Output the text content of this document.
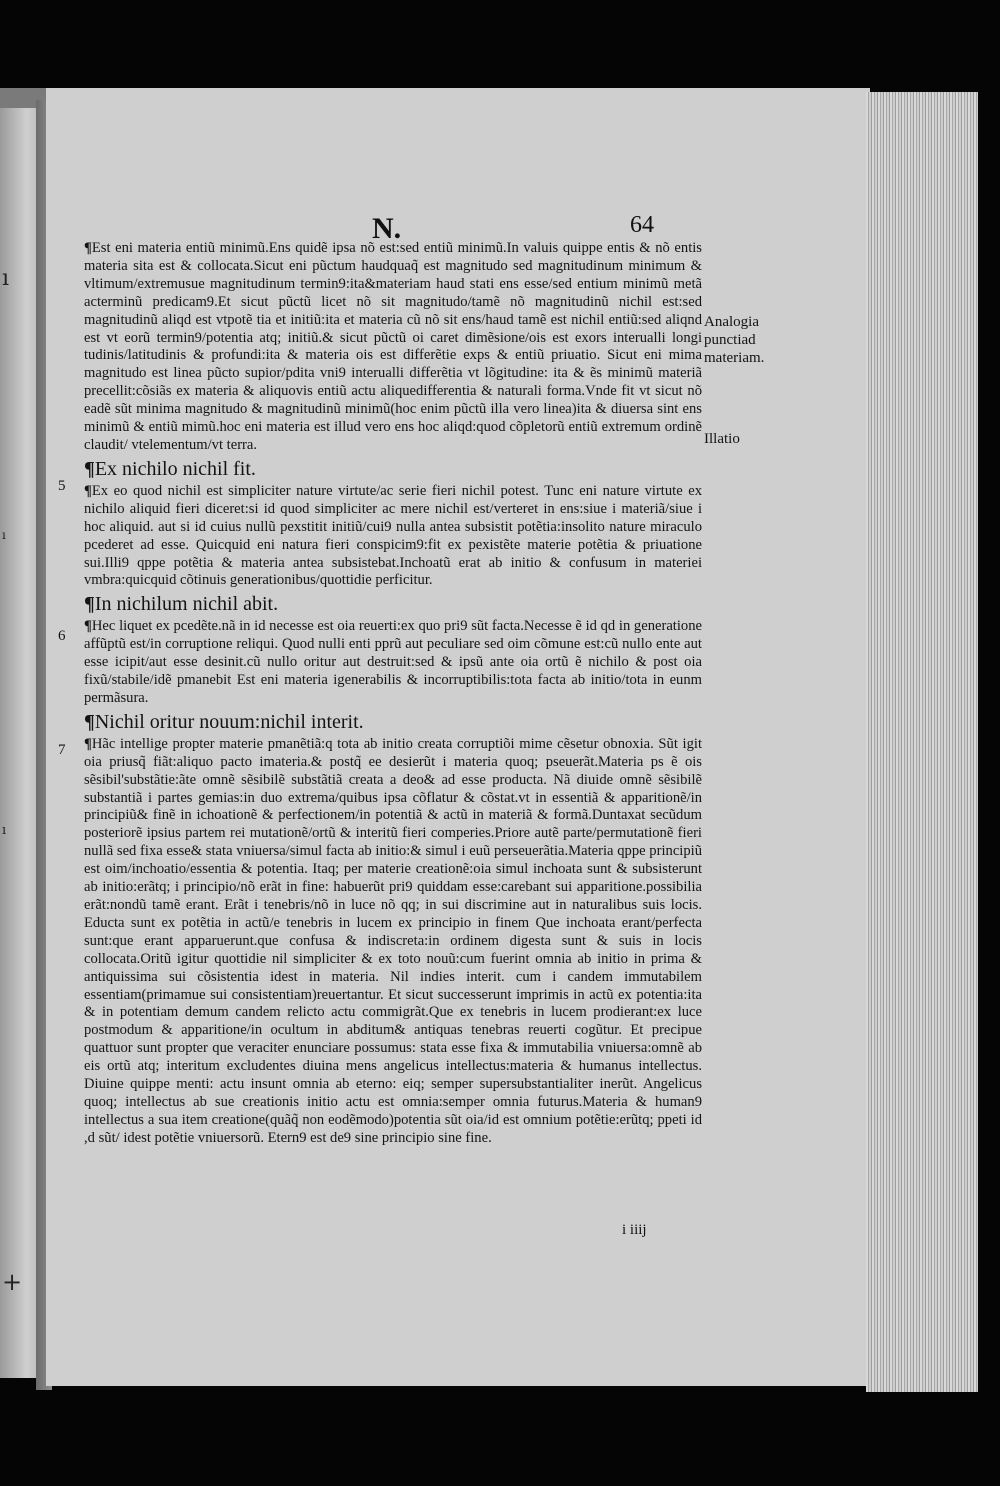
ı
ı
ı
+
N.	64

¶Est eni materia entiũ minimũ.Ens quidẽ ipsa nõ est:sed entiũ minimũ.In valuis quippe entis & nõ entis materia sita est & collocata.Sicut eni pũctum haudquaq̃ est magnitudo sed magnitudinum minimum & vltimum/extremusue magnitudinum termin9:ita&materiam haud stati ens esse/sed entium minimũ metã acterminũ predicam9.Et sicut pũctũ licet nõ sit magnitudo/tamẽ nõ magnitudinũ nichil est:sed magnitudinũ aliqd est vtpotẽ tia et initiũ:ita et materia cũ nõ sit ens/haud tamẽ est nichil entiũ:sed aliqnd est vt eorũ termin9/potentia atq; initiũ.& sicut pũctũ oi caret dimẽsione/ois est exors interualli longi tudinis/latitudinis & profundi:ita & materia ois est differẽtie exps & entiũ priuatio. Sicut eni mima magnitudo est linea pũcto supior/pdita vni9 interualli differẽtia vt lõgitudine: ita & ẽs minimũ materiã precellit:cõsiãs ex materia & aliquovis entiũ actu aliquedifferentia & naturali forma.Vnde fit vt sicut nõ eadẽ sũt minima magnitudo & magnitudinũ minimũ(hoc enim pũctũ illa vero linea)ita & diuersa sint ens minimũ & entiũ mimũ.hoc eni materia est illud vero ens hoc aliqd:quod cõpletorũ entiũ extremum ordinẽ claudit/ vtelementum/vt terra.

¶Ex nichilo nichil fit.

¶Ex eo quod nichil est simpliciter nature virtute/ac serie fieri nichil potest. Tunc eni nature virtute ex nichilo aliquid fieri diceret:si id quod simpliciter ac mere nichil est/verteret in ens:siue i materiã/siue i hoc aliquid. aut si id cuius nullũ pexstitit initiũ/cui9 nulla antea subsistit potẽtia:insolito nature miraculo pcederet ad esse. Quicquid eni natura fieri conspicim9:fit ex pexistẽte materie potẽtia & priuatione sui.Illi9 qppe potẽtia & materia antea subsistebat.Inchoatũ erat ab initio & confusum in materiei vmbra:quicquid cõtinuis generationibus/quottidie perficitur.

¶In nichilum nichil abit.

¶Hec liquet ex pcedẽte.nã in id necesse est oia reuerti:ex quo pri9 sũt facta.Necesse ẽ id qd in generatione affũptũ est/in corruptione reliqui. Quod nulli enti pprũ aut peculiare sed oim cõmune est:cũ nullo ente aut esse icipit/aut esse desinit.cũ nullo oritur aut destruit:sed & ipsũ ante oia ortũ ẽ nichilo & post oia fixũ/stabile/idẽ pmanebit Est eni materia igenerabilis & incorruptibilis:tota facta ab initio/tota in eunm permãsura.

¶Nichil oritur nouum:nichil interit.

¶Hãc intellige propter materie pmanẽtiã:q tota ab initio creata corruptiõi mime cẽsetur obnoxia. Sũt igit oia priusq̃ fiãt:aliquo pacto imateria.& postq̃ ee desierũt i materia quoq; pseuerãt.Materia ps ẽ ois sẽsibil'substãtie:ãte omnẽ sẽsibilẽ substãtiã creata a deo& ad esse producta. Nã diuide omnẽ sẽsibilẽ substantiã i partes gemias:in duo extrema/quibus ipsa cõflatur & cõstat.vt in essentiã & apparitionẽ/in principiũ& finẽ in ichoationẽ & perfectionem/in potentiã & actũ in materiã & formã.Duntaxat secũdum posteriorẽ ipsius partem rei mutationẽ/ortũ & interitũ fieri comperies.Priore autẽ parte/permutationẽ fieri nullã sed fixa esse& stata vniuersa/simul facta ab initio:& simul i euũ perseuerãtia.Materia qppe principiũ est oim/inchoatio/essentia & potentia. Itaq; per materie creationẽ:oia simul inchoata sunt & subsisterunt ab initio:erãtq; i principio/nõ erãt in fine: habuerũt pri9 quiddam esse:carebant sui apparitione.possibilia erãt:nondũ tamẽ erant. Erãt i tenebris/nõ in luce nõ qq; in sui discrimine aut in naturalibus suis locis. Educta sunt ex potẽtia in actũ/e tenebris in lucem ex principio in finem Que inchoata erant/perfecta sunt:que erant apparuerunt.que confusa & indiscreta:in ordinem digesta sunt & suis in locis collocata.Oritũ igitur quottidie nil simpliciter & ex toto nouũ:cum fuerint omnia ab initio in prima & antiquissima sui cõsistentia idest in materia. Nil indies interit. cum i candem immutabilem essentiam(primamue sui consistentiam)reuertantur. Et sicut successerunt imprimis in actũ ex potentia:ita & in potentiam demum candem relicto actu commigrãt.Que ex tenebris in lucem prodierant:ex luce postmodum & apparitione/in ocultum in abditum& antiquas tenebras reuerti cogũtur. Et precipue quattuor sunt propter que veraciter enunciare possumus: stata esse fixa & immutabilia vniuersa:omnẽ ab eis ortũ atq; interitum excludentes diuina mens angelicus intellectus:materia & humanus intellectus. Diuine quippe menti: actu insunt omnia ab eterno: eiq; semper supersubstantialiter inerũt. Angelicus quoq; intellectus ab sue creationis initio actu est omnia:semper omnia futurus.Materia & human9 intellectus a sua item creatione(quãq̃ non eodẽmodo)potentia sũt oia/id est omnium potẽtie:erũtq; ppeti id ,d sũt/ idest potẽtie vniuersorũ. Etern9 est de9 sine principio sine fine.

5
6
7
Analogia
punctiad
materiam.
Illatio
i iiij
